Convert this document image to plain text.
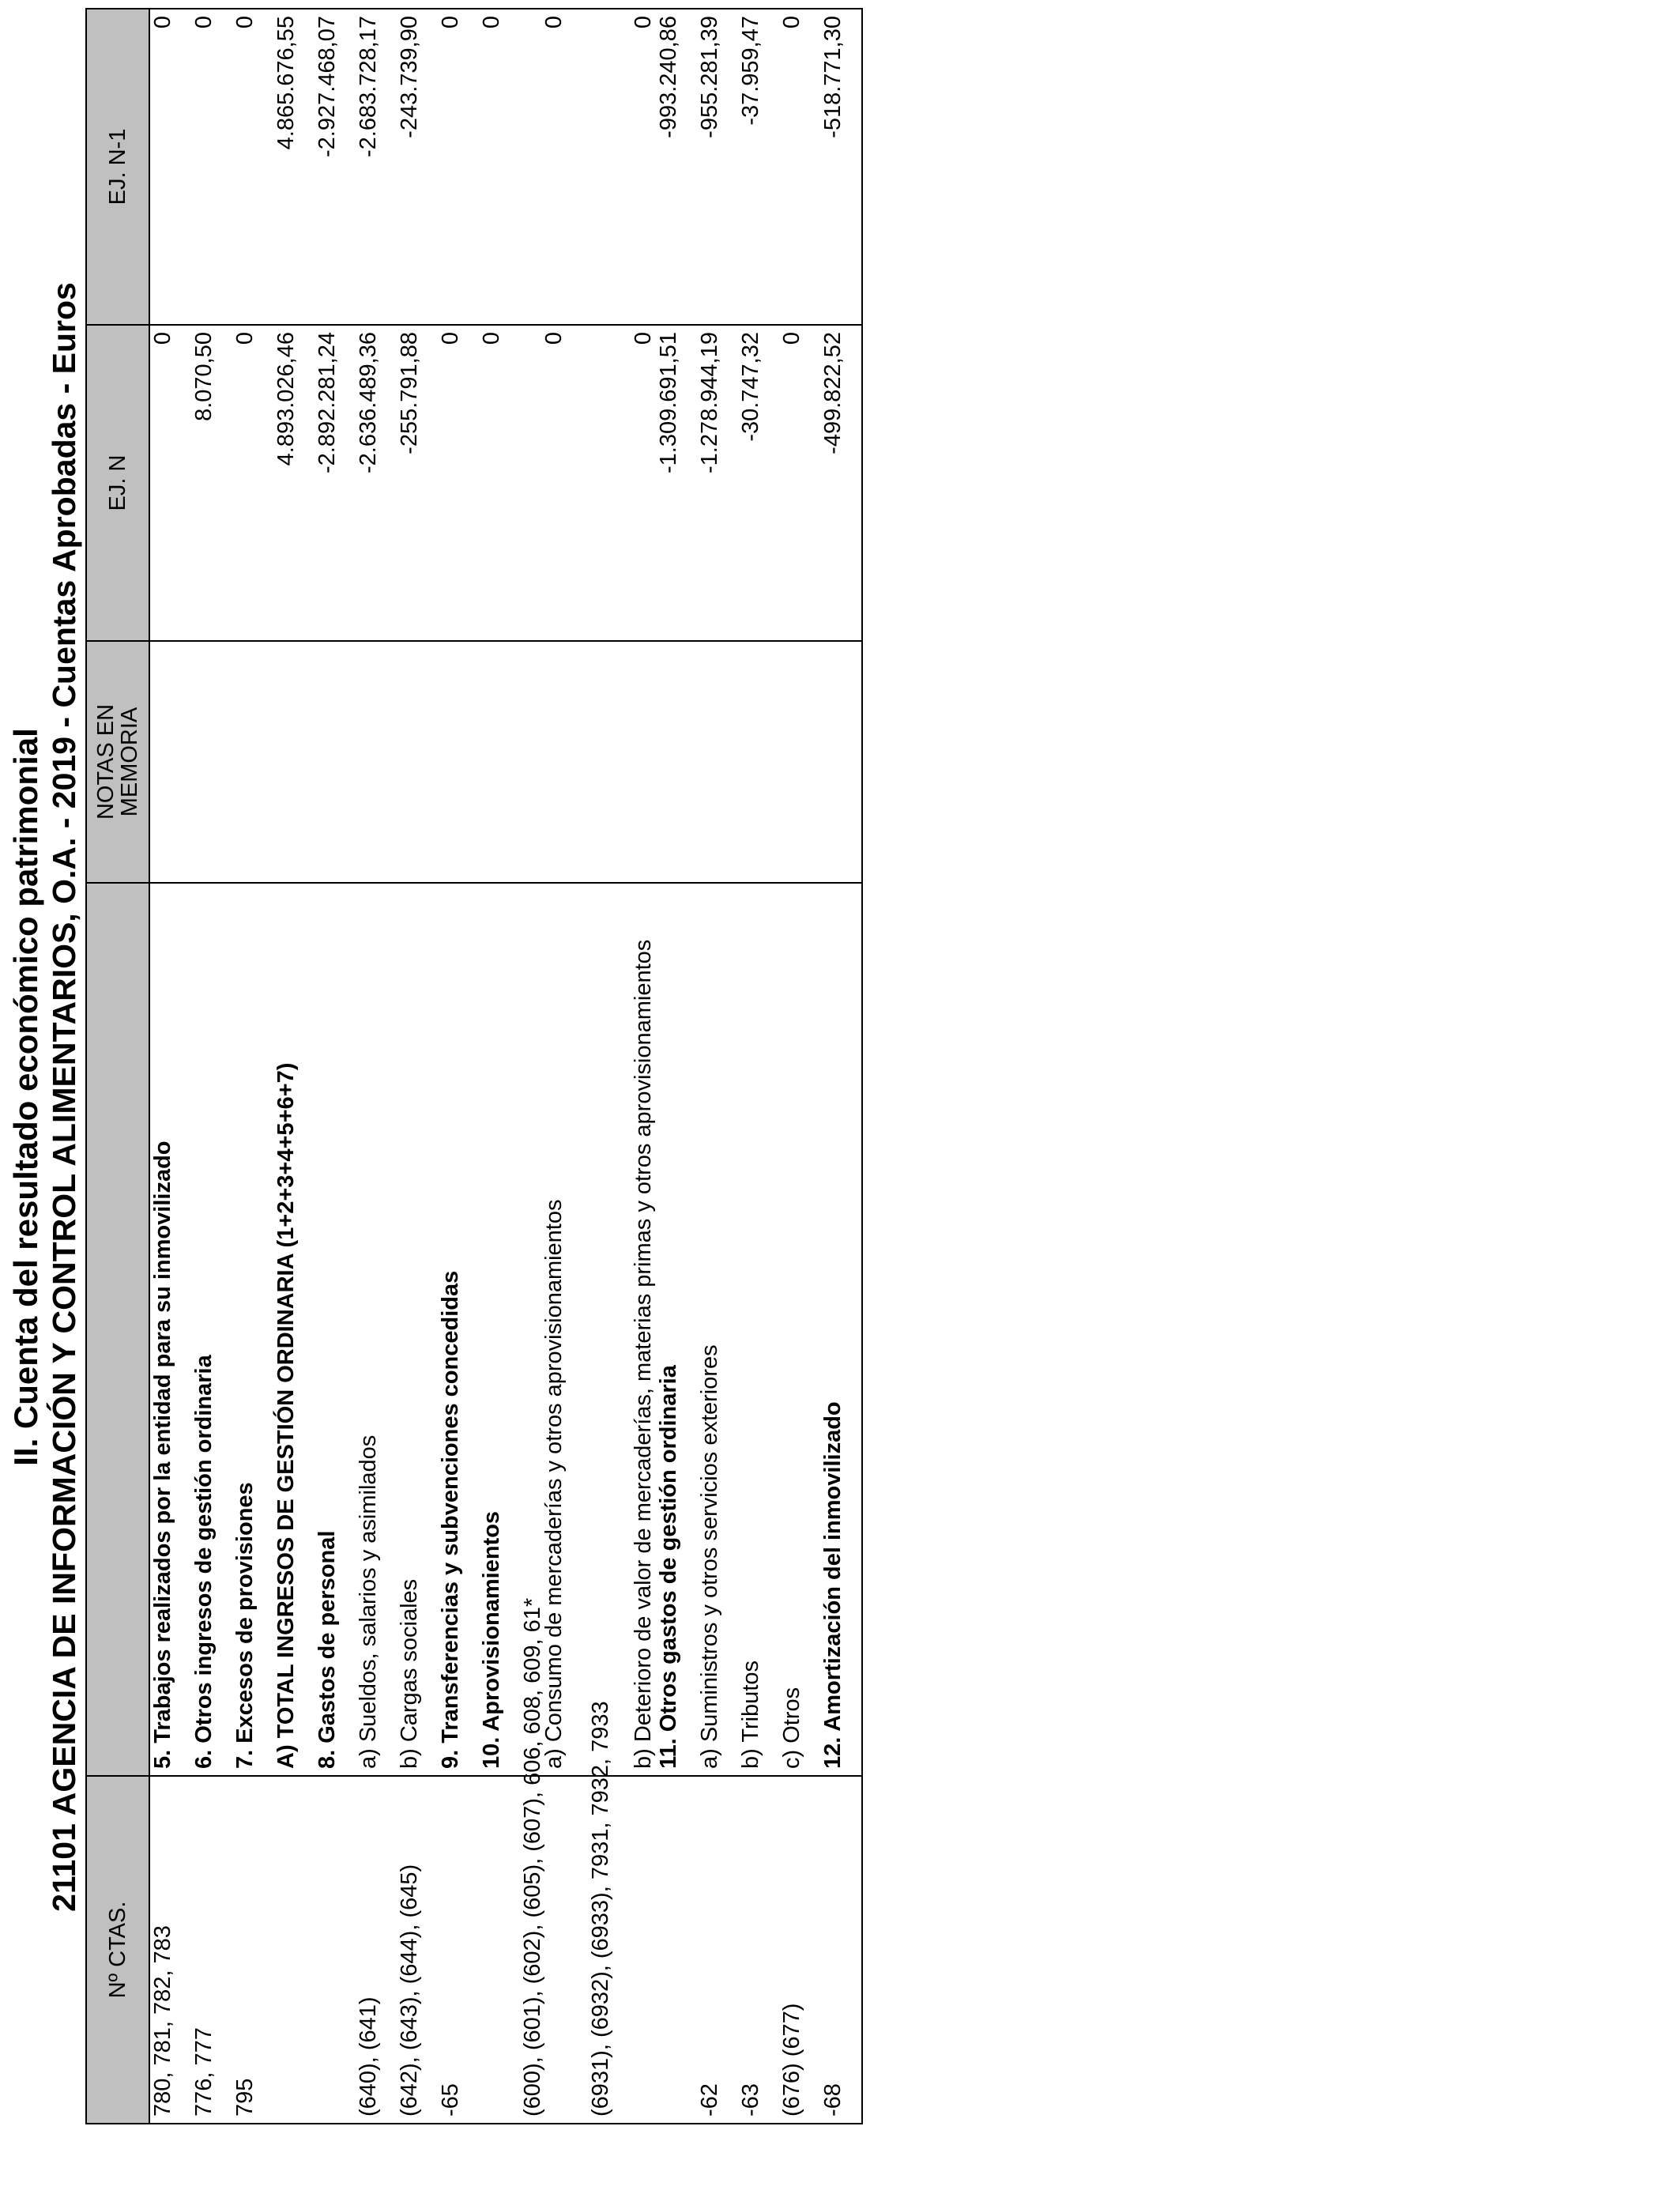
II. Cuenta del resultado económico patrimonial 21101 AGENCIA DE INFORMACIÓN Y CONTROL ALIMENTARIOS, O.A. - 2019 - Cuentas Aprobadas - Euros
Nº CTAS.		NOTAS EN MEMORIA	EJ. N	EJ. N-1
780, 781, 782, 783	5. Trabajos realizados por la entidad para su inmovilizado		0	0
776, 777	6. Otros ingresos de gestión ordinaria		8.070,50	0
795	7. Excesos de provisiones		0	0
	A) TOTAL INGRESOS DE GESTIÓN ORDINARIA (1+2+3+4+5+6+7)		4.893.026,46	4.865.676,55
	8. Gastos de personal		-2.892.281,24	-2.927.468,07
(640), (641)	a) Sueldos, salarios y asimilados		-2.636.489,36	-2.683.728,17
(642), (643), (644), (645)	b) Cargas sociales		-255.791,88	-243.739,90
-65	9. Transferencias y subvenciones concedidas		0	0
	10. Aprovisionamientos		0	0
(600), (601), (602), (605), (607), 606, 608, 609, 61*	a) Consumo de mercaderías y otros aprovisionamientos		0	0
(6931), (6932), (6933), 7931, 7932, 7933	b) Deterioro de valor de mercaderías, materias primas y otros aprovisionamientos		0	0
	11. Otros gastos de gestión ordinaria		-1.309.691,51	-993.240,86
-62	a) Suministros y otros servicios exteriores		-1.278.944,19	-955.281,39
-63	b) Tributos		-30.747,32	-37.959,47
(676) (677)	c) Otros		0	0
-68	12. Amortización del inmovilizado		-499.822,52	-518.771,30
